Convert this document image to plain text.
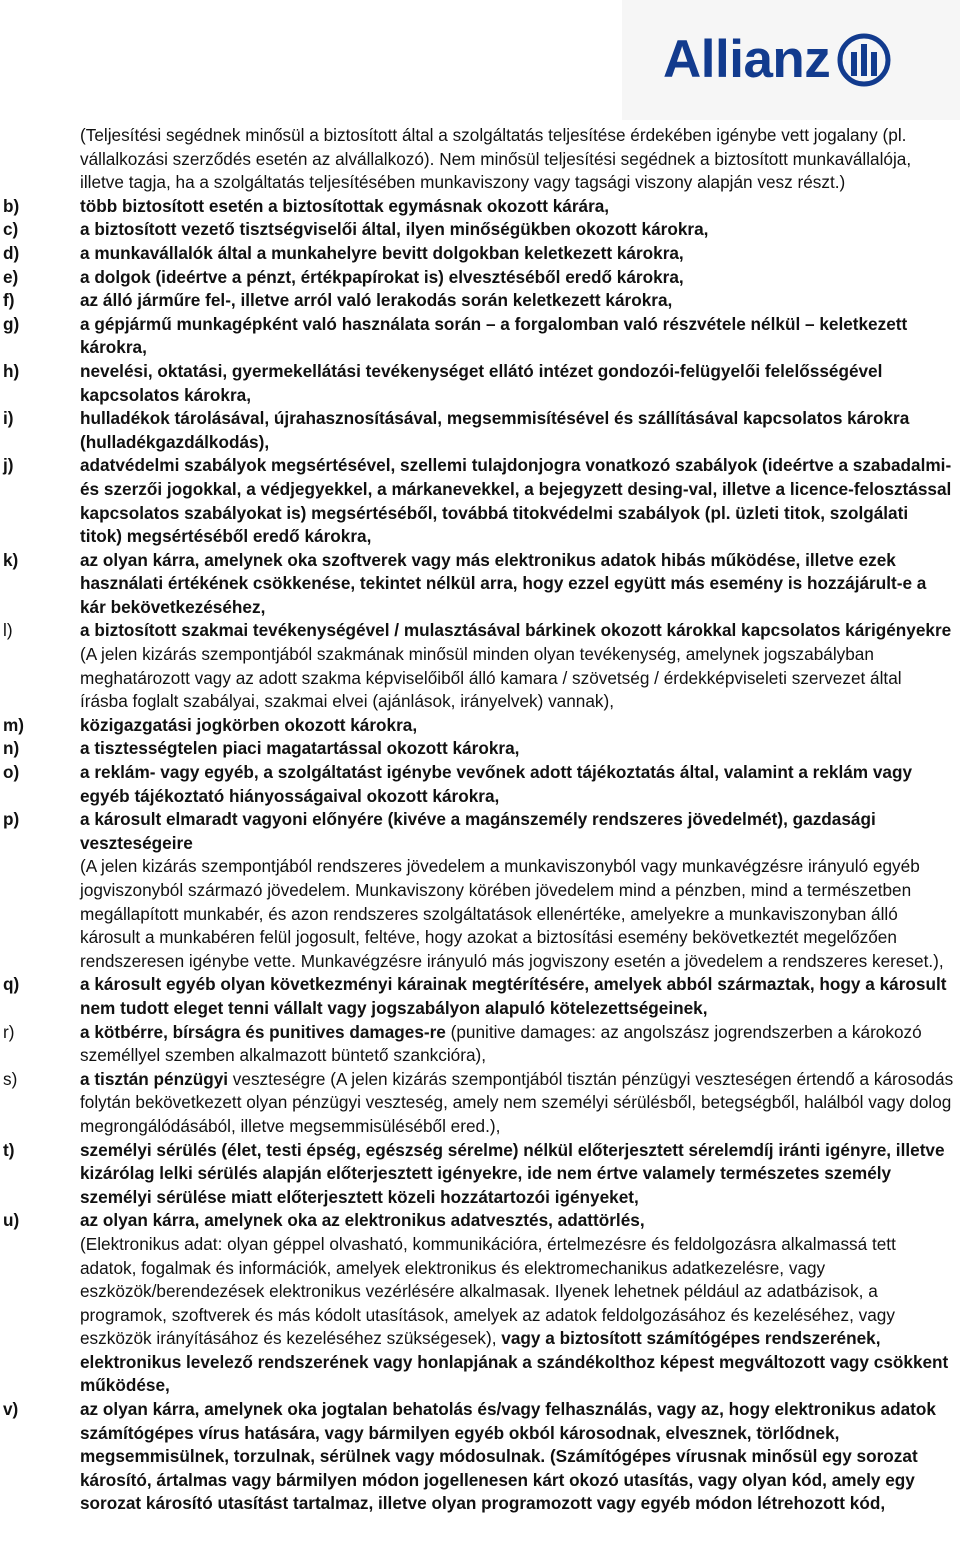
Allianz
(Teljesítési segédnek minősül a biztosított által a szolgáltatás teljesítése érdekében igénybe vett jogalany (pl. vállalkozási szerződés esetén az alvállalkozó). Nem minősül teljesítési segédnek a biztosított munkavállalója, illetve tagja, ha a szolgáltatás teljesítésében munkaviszony vagy tagsági viszony alapján vesz részt.)
b)	több biztosított esetén a biztosítottak egymásnak okozott kárára,
c)	a biztosított vezető tisztségviselői által, ilyen minőségükben okozott károkra,
d)	a munkavállalók által a munkahelyre bevitt dolgokban keletkezett károkra,
e)	a dolgok (ideértve a pénzt, értékpapírokat is) elvesztéséből eredő károkra,
f)	az álló járműre fel-, illetve arról való lerakodás során keletkezett károkra,
g)	a gépjármű munkagépként való használata során – a forgalomban való részvétele nélkül – keletkezett károkra,
h)	nevelési, oktatási, gyermekellátási tevékenységet ellátó intézet gondozói-felügyelői felelősségével kapcsolatos károkra,
i)	hulladékok tárolásával, újrahasznosításával, megsemmisítésével és szállításával kapcsolatos károkra (hulladékgazdálkodás),
j)	adatvédelmi szabályok megsértésével, szellemi tulajdonjogra vonatkozó szabályok (ideértve a szabadalmi- és szerzői jogokkal, a védjegyekkel, a márkanevekkel, a bejegyzett desing-val, illetve a licence-felosztással kapcsolatos szabályokat is) megsértéséből, továbbá titokvédelmi szabályok (pl. üzleti titok, szolgálati titok) megsértéséből eredő károkra,
k)	az olyan kárra, amelynek oka szoftverek vagy más elektronikus adatok hibás működése, illetve ezek használati értékének csökkenése, tekintet nélkül arra, hogy ezzel együtt más esemény is hozzájárult-e a kár bekövetkezéséhez,
l)	a biztosított szakmai tevékenységével / mulasztásával bárkinek okozott károkkal kapcsolatos kárigényekre (A jelen kizárás szempontjából szakmának minősül minden olyan tevékenység, amelynek jogszabályban meghatározott vagy az adott szakma képviselőiből álló kamara / szövetség / érdekképviseleti szervezet által írásba foglalt szabályai, szakmai elvei (ajánlások, irányelvek) vannak),
m)	közigazgatási jogkörben okozott károkra,
n)	a tisztességtelen piaci magatartással okozott károkra,
o)	a reklám- vagy egyéb, a szolgáltatást igénybe vevőnek adott tájékoztatás által, valamint a reklám vagy egyéb tájékoztató hiányosságaival okozott károkra,
p)	a károsult elmaradt vagyoni előnyére (kivéve a magánszemély rendszeres jövedelmét), gazdasági veszteségeire
(A jelen kizárás szempontjából rendszeres jövedelem a munkaviszonyból vagy munkavégzésre irányuló egyéb jogviszonyból származó jövedelem. Munkaviszony körében jövedelem mind a pénzben, mind a természetben megállapított munkabér, és azon rendszeres szolgáltatások ellenértéke, amelyekre a munkaviszonyban álló károsult a munkabéren felül jogosult, feltéve, hogy azokat a biztosítási esemény bekövetkeztét megelőzően rendszeresen igénybe vette. Munkavégzésre irányuló más jogviszony esetén a jövedelem a rendszeres kereset.),
q)	a károsult egyéb olyan következményi kárainak megtérítésére, amelyek abból származtak, hogy a károsult nem tudott eleget tenni vállalt vagy jogszabályon alapuló kötelezettségeinek,
r)	a kötbérre, bírságra és punitives damages-re (punitive damages: az angolszász jogrendszerben a károkozó személlyel szemben alkalmazott büntető szankcióra),
s)	a tisztán pénzügyi veszteségre (A jelen kizárás szempontjából tisztán pénzügyi veszteségen értendő a károsodás folytán bekövetkezett olyan pénzügyi veszteség, amely nem személyi sérülésből, betegségből, halálból vagy dolog megrongálódásából, illetve megsemmisüléséből ered.),
t)	személyi sérülés (élet, testi épség, egészség sérelme) nélkül előterjesztett sérelemdíj iránti igényre, illetve kizárólag lelki sérülés alapján előterjesztett igényekre, ide nem értve valamely természetes személy személyi sérülése miatt előterjesztett közeli hozzátartozói igényeket,
u)	az olyan kárra, amelynek oka az elektronikus adatvesztés, adattörlés,
(Elektronikus adat: olyan géppel olvasható, kommunikációra, értelmezésre és feldolgozásra alkalmassá tett adatok, fogalmak és információk, amelyek elektronikus és elektromechanikus adatkezelésre, vagy eszközök/berendezések elektronikus vezérlésére alkalmasak. Ilyenek lehetnek például az adatbázisok, a programok, szoftverek és más kódolt utasítások, amelyek az adatok feldolgozásához és kezeléséhez, vagy eszközök irányításához és kezeléséhez szükségesek), vagy a biztosított számítógépes rendszerének, elektronikus levelező rendszerének vagy honlapjának a szándékolthoz képest megváltozott vagy csökkent működése,
v)	az olyan kárra, amelynek oka jogtalan behatolás és/vagy felhasználás, vagy az, hogy elektronikus adatok számítógépes vírus hatására, vagy bármilyen egyéb okból károsodnak, elvesznek, törlődnek, megsemmisülnek, torzulnak, sérülnek vagy módosulnak. (Számítógépes vírusnak minősül egy sorozat károsító, ártalmas vagy bármilyen módon jogellenesen kárt okozó utasítás, vagy olyan kód, amely egy sorozat károsító utasítást tartalmaz, illetve olyan programozott vagy egyéb módon létrehozott kód,
